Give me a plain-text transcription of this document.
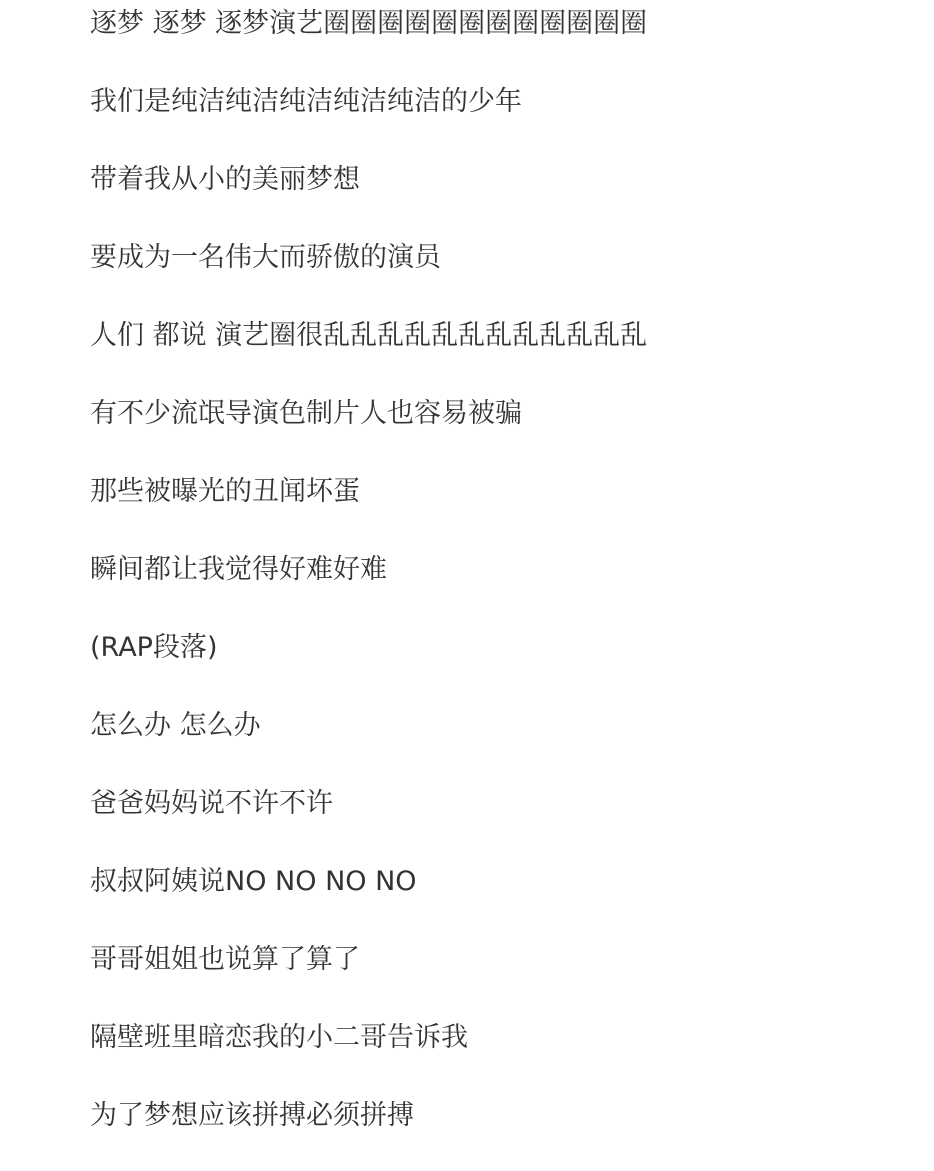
逐梦 逐梦 逐梦演艺圈圈圈圈圈圈圈圈圈圈圈圈
我们是纯洁纯洁纯洁纯洁纯洁的少年
带着我从小的美丽梦想
要成为一名伟大而骄傲的演员
人们 都说 演艺圈很乱乱乱乱乱乱乱乱乱乱乱乱
有不少流氓导演色制片人也容易被骗
那些被曝光的丑闻坏蛋
瞬间都让我觉得好难好难
(RAP段落)
怎么办 怎么办
爸爸妈妈说不许不许
叔叔阿姨说NO NO NO NO
哥哥姐姐也说算了算了
隔壁班里暗恋我的小二哥告诉我
为了梦想应该拼搏必须拼搏
